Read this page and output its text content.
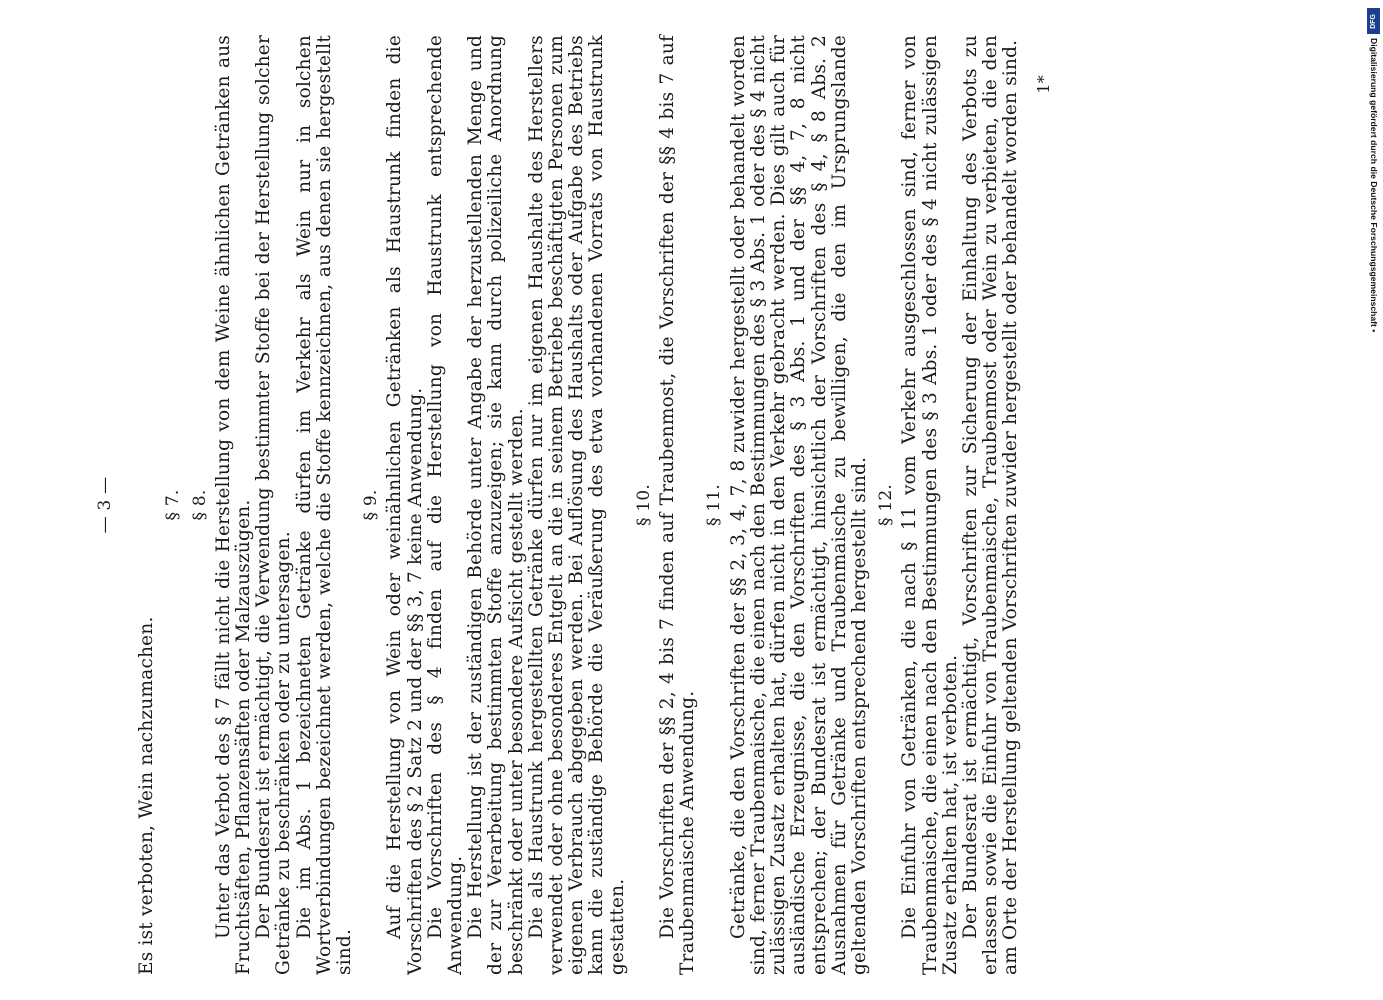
— 3 —

Es ist verboten, Wein nachzumachen.

§ 7. § 8. Unter das Verbot des § 7 fällt nicht die Herstellung von dem Weine ähnlichen Getränken aus Fruchtsäften, Pflanzensäften oder Malzauszügen. Der Bundesrat ist ermächtigt, die Verwendung bestimmter Stoffe bei der Herstellung solcher Getränke zu beschränken oder zu untersagen. Die im Abs. 1 bezeichneten Getränke dürfen im Verkehr als Wein nur in solchen Wortverbindungen bezeichnet werden, welche die Stoffe kennzeichnen, aus denen sie hergestellt sind.

§ 9. Auf die Herstellung von Wein oder weinähnlichen Getränken als Haustrunk finden die Vorschriften des § 2 Satz 2 und der §§ 3, 7 keine Anwendung. Die Vorschriften des § 4 finden auf die Herstellung von Haustrunk entsprechende Anwendung. Die Herstellung ist der zuständigen Behörde unter Angabe der herzustellenden Menge und der zur Verarbeitung bestimmten Stoffe anzuzeigen; sie kann durch polizeiliche Anordnung beschränkt oder unter besondere Aufsicht gestellt werden. Die als Haustrunk hergestellten Getränke dürfen nur im eigenen Haushalte des Herstellers verwendet oder ohne besonderes Entgelt an die in seinem Betriebe beschäftigten Personen zum eigenen Verbrauch abgegeben werden. Bei Auflösung des Haushalts oder Aufgabe des Betriebs kann die zuständige Behörde die Veräußerung des etwa vorhandenen Vorrats von Haustrunk gestatten.

§ 10. Die Vorschriften der §§ 2, 4 bis 7 finden auf Traubenmost, die Vorschriften der §§ 4 bis 7 auf Traubenmaische Anwendung.

§ 11. Getränke, die den Vorschriften der §§ 2, 3, 4, 7, 8 zuwider hergestellt oder behandelt worden sind, ferner Traubenmaische, die einen nach den Bestimmungen des § 3 Abs. 1 oder des § 4 nicht zulässigen Zusatz erhalten hat, dürfen nicht in den Verkehr gebracht werden. Dies gilt auch für ausländische Erzeugnisse, die den Vorschriften des § 3 Abs. 1 und der §§ 4, 7, 8 nicht entsprechen; der Bundesrat ist ermächtigt, hinsichtlich der Vorschriften des § 4, § 8 Abs. 2 Ausnahmen für Getränke und Traubenmaische zu bewilligen, die den im Ursprungslande geltenden Vorschriften entsprechend hergestellt sind. § 12. Die Einfuhr von Getränken, die nach § 11 vom Verkehr ausgeschlossen sind, ferner von Traubenmaische, die einen nach den Bestimmungen des § 3 Abs. 1 oder des § 4 nicht zulässigen Zusatz erhalten hat, ist verboten. Der Bundesrat ist ermächtigt, Vorschriften zur Sicherung der Einhaltung des Verbots zu erlassen sowie die Einfuhr von Traubenmaische, Traubenmost oder Wein zu verbieten, die den am Orte der Herstellung geltenden Vorschriften zuwider hergestellt oder behandelt worden sind. 1*
DFG
Digitalisierung gefördert durch die Deutsche Forschungsgemeinschaft •
